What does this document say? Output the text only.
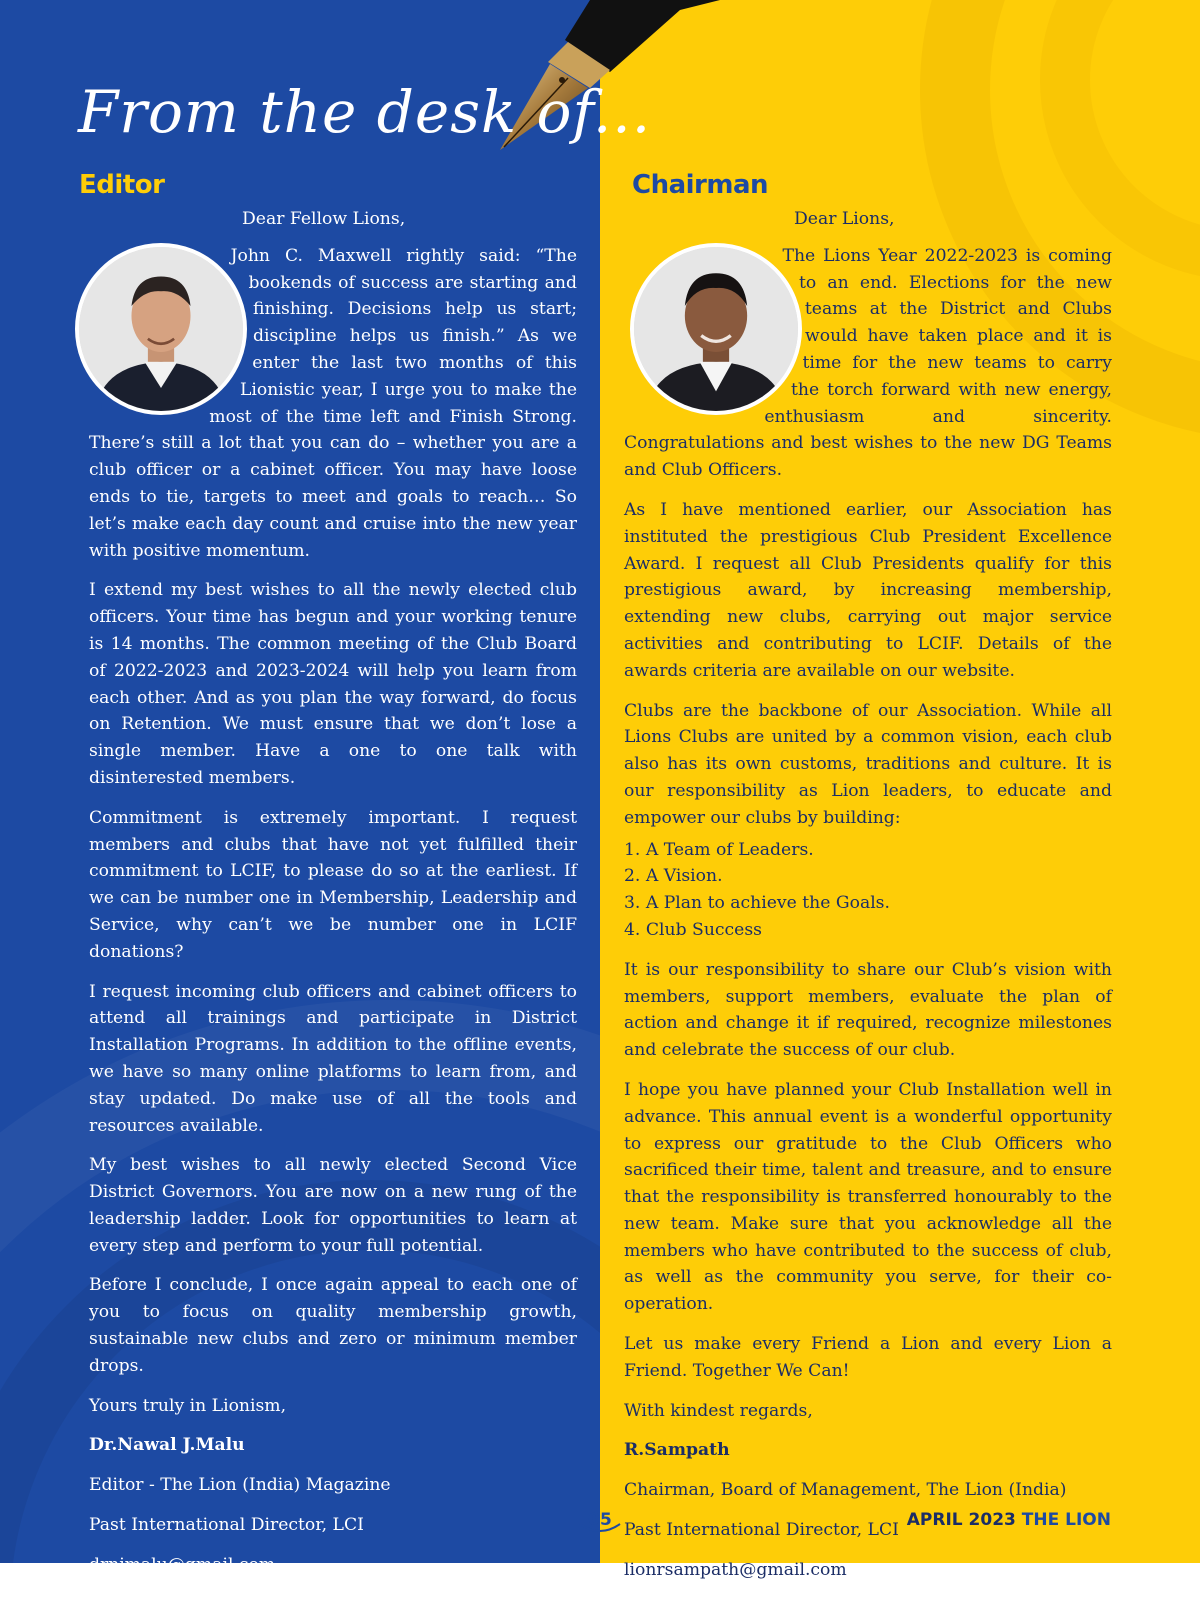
From the desk of...
Editor
Dear Fellow Lions,

John C. Maxwell rightly said: “The bookends of success are starting and finishing. Decisions help us start; discipline helps us finish.” As we enter the last two months of this Lionistic year, I urge you to make the most of the time left and Finish Strong. There’s still a lot that you can do – whether you are a club officer or a cabinet officer. You may have loose ends to tie, targets to meet and goals to reach… So let’s make each day count and cruise into the new year with positive momentum.

I extend my best wishes to all the newly elected club officers. Your time has begun and your working tenure is 14 months. The common meeting of the Club Board of 2022-2023 and 2023-2024 will help you learn from each other. And as you plan the way forward, do focus on Retention. We must ensure that we don’t lose a single member. Have a one to one talk with disinterested members.

Commitment is extremely important. I request members and clubs that have not yet fulfilled their commitment to LCIF, to please do so at the earliest. If we can be number one in Membership, Leadership and Service, why can’t we be number one in LCIF donations?

I request incoming club officers and cabinet officers to attend all trainings and participate in District Installation Programs. In addition to the offline events, we have so many online platforms to learn from, and stay updated. Do make use of all the tools and resources available.

My best wishes to all newly elected Second Vice District Governors. You are now on a new rung of the leadership ladder. Look for opportunities to learn at every step and perform to your full potential.

Before I conclude, I once again appeal to each one of you to focus on quality membership growth, sustainable new clubs and zero or minimum member drops.

Yours truly in Lionism,

Dr.Nawal J.Malu

Editor - The Lion (India) Magazine

Past International Director, LCI

drnjmalu@gmail.com

Chairman
Dear Lions,

The Lions Year 2022-2023 is coming to an end. Elections for the new teams at the District and Clubs would have taken place and it is time for the new teams to carry the torch forward with new energy, enthusiasm and sincerity. Congratulations and best wishes to the new DG Teams and Club Officers.

As I have mentioned earlier, our Association has instituted the prestigious Club President Excellence Award. I request all Club Presidents qualify for this prestigious award, by increasing membership, extending new clubs, carrying out major service activities and contributing to LCIF. Details of the awards criteria are available on our website.

Clubs are the backbone of our Association. While all Lions Clubs are united by a common vision, each club also has its own customs, traditions and culture. It is our responsibility as Lion leaders, to educate and empower our clubs by building:

1. A Team of Leaders.
2. A Vision.
3. A Plan to achieve the Goals.
4. Club Success

It is our responsibility to share our Club’s vision with members, support members, evaluate the plan of action and change it if required, recognize milestones and celebrate the success of our club.

I hope you have planned your Club Installation well in advance. This annual event is a wonderful opportunity to express our gratitude to the Club Officers who sacrificed their time, talent and treasure, and to ensure that the responsibility is transferred honourably to the new team. Make sure that you acknowledge all the members who have contributed to the success of club, as well as the community you serve, for their co-operation.

Let us make every Friend a Lion and every Lion a Friend. Together We Can!

With kindest regards,

R.Sampath

Chairman, Board of Management, The Lion (India)

Past International Director, LCI

lionrsampath@gmail.com

05	APRIL 2023 THE LION
